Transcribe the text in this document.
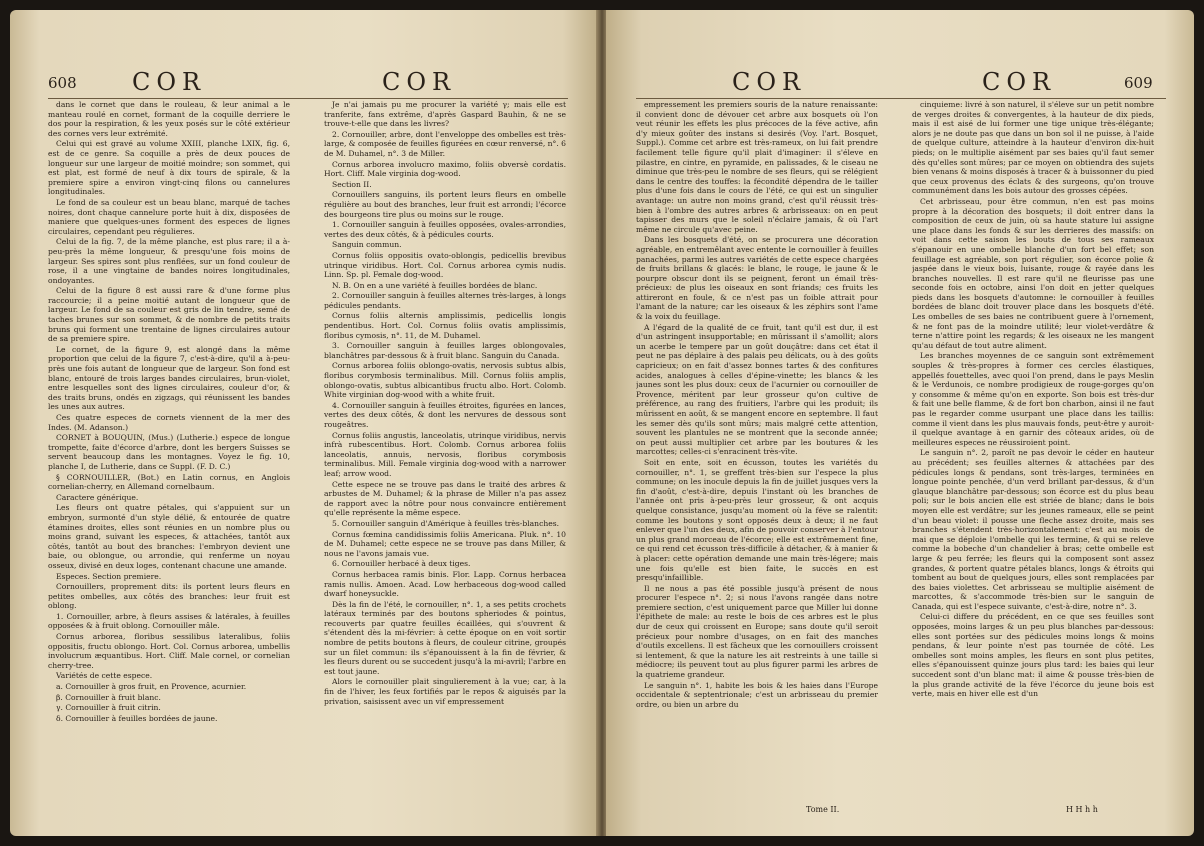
608 COR	COR

dans le cornet que dans le rouleau, & leur animal a le manteau roulé en cornet, formant de la coquille derriere le dos pour la respiration, & les yeux posés sur le côté extérieur des cornes vers leur extrémité.

Celui qui est gravé au volume XXIII, planche LXIX, fig. 6, est de ce genre. Sa coquille a près de deux pouces de longueur sur une largeur de moitié moindre; son sommet, qui est plat, est formé de neuf à dix tours de spirale, & la premiere spire a environ vingt-cinq filons ou cannelures longitudinales.

Le fond de sa couleur est un beau blanc, marqué de taches noires, dont chaque cannelure porte huit à dix, disposées de maniere que quelques-unes forment des especes de lignes circulaires, cependant peu régulieres.

Celui de la fig. 7, de la même planche, est plus rare; il a à-peu-près la même longueur, & presqu'une fois moins de largeur. Ses spires sont plus renflées, sur un fond couleur de rose, il a une vingtaine de bandes noires longitudinales, ondoyantes.

Celui de la figure 8 est aussi rare & d'une forme plus raccourcie; il a peine moitié autant de longueur que de largeur. Le fond de sa couleur est gris de lin tendre, semé de taches brunes sur son sommet, & de nombre de petits traits bruns qui forment une trentaine de lignes circulaires autour de sa premiere spire.

Le cornet, de la figure 9, est alongé dans la même proportion que celui de la figure 7, c'est-à-dire, qu'il a à-peu-près une fois autant de longueur que de largeur. Son fond est blanc, entouré de trois larges bandes circulaires, brun-violet, entre lesquelles sont des lignes circulaires, couleur d'or, & des traits bruns, ondés en zigzags, qui réunissent les bandes les unes aux autres.

Ces quatre especes de cornets viennent de la mer des Indes. (M. Adanson.)

CORNET à BOUQUIN, (Mus.) (Lutherie.) espece de longue trompette, faite d'écorce d'arbre, dont les bergers Suisses se servent beaucoup dans les montagnes. Voyez le fig. 10, planche I, de Lutherie, dans ce Suppl. (F. D. C.)

§ CORNOUILLER, (Bot.) en Latin cornus, en Anglois cornelian-cherry, en Allemand cornelbaum.

Caractere générique.

Les fleurs ont quatre pétales, qui s'appuient sur un embryon, surmonté d'un style délié, & entourée de quatre étamines droites, elles sont réunies en un nombre plus ou moins grand, suivant les especes, & attachées, tantôt aux côtés, tantôt au bout des branches: l'embryon devient une baie, ou oblongue, ou arrondie, qui renferme un noyau osseux, divisé en deux loges, contenant chacune une amande.

Especes. Section premiere.

Cornouillers, proprement dits: ils portent leurs fleurs en petites ombelles, aux côtés des branches: leur fruit est oblong.

1. Cornouiller, arbre, à fleurs assises & latérales, à feuilles opposées & à fruit oblong. Cornouiller mâle.

Cornus arborea, floribus sessilibus lateralibus, foliis oppositis, fructu oblongo. Hort. Col. Cornus arborea, umbellis involucrum æquantibus. Hort. Cliff. Male cornel, or cornelian cherry-tree.

Variétés de cette espece.

a. Cornouiller à gros fruit, en Provence, acurnier.

β. Cornouiller à fruit blanc.

γ. Cornouiller à fruit citrin.

δ. Cornouiller à feuilles bordées de jaune.

Je n'ai jamais pu me procurer la variété γ; mais elle est tranferite, fans extrême, d'après Gaspard Bauhin, & ne se trouve-t-elle que dans les livres?

2. Cornouiller, arbre, dont l'enveloppe des ombelles est très-large, & composée de feuilles figurées en cœur renversé, n°. 6 de M. Duhamel, n°. 3 de Miller.

Cornus arborea involucro maximo, foliis obversè cordatis. Hort. Cliff. Male virginia dog-wood.

Section II.

Cornouillers sanguins, ils portent leurs fleurs en ombelle régulière au bout des branches, leur fruit est arrondi; l'écorce des bourgeons tire plus ou moins sur le rouge.

1. Cornouiller sanguin à feuilles opposées, ovales-arrondies, vertes des deux côtés, & à pédicules courts.

Sanguin commun.

Cornus foliis oppositis ovato-oblongis, pedicellis brevibus utrinque viridibus. Hort. Col. Cornus arborea cymis nudis. Linn. Sp. pl. Female dog-wood.

N. B. On en a une variété à feuilles bordées de blanc.

2. Cornouiller sanguin à feuilles alternes très-larges, à longs pédicules pendants.

Cornus foliis alternis amplissimis, pedicellis longis pendentibus. Hort. Col. Cornus foliis ovatis amplissimis, floribus cymosis, n°. 11, de M. Duhamel.

3. Cornouiller sanguin à feuilles larges oblongovales, blanchâtres par-dessous & à fruit blanc. Sanguin du Canada.

Cornus arborea foliis oblongo-ovatis, nervosis subtus albis, floribus corymbosis terminalibus. Mill. Cornus foliis amplis, oblongo-ovatis, subtus albicantibus fructu albo. Hort. Colomb. White virginian dog-wood with a white fruit.

4. Cornouiller sanguin à feuilles étroites, figurées en lances, vertes des deux côtés, & dont les nervures de dessous sont rougeâtres.

Cornus foliis angustis, lanceolatis, utrinque viridibus, nervis infrà rubescentibus. Hort. Colomb. Cornus arborea foliis lanceolatis, annuis, nervosis, floribus corymbosis terminalibus. Mill. Female virginia dog-wood with a narrower leaf; arrow wood.

Cette espece ne se trouve pas dans le traité des arbres & arbustes de M. Duhamel; & la phrase de Miller n'a pas assez de rapport avec la nôtre pour nous convaincre entièrement qu'elle représente la même espece.

5. Cornouiller sanguin d'Amérique à feuilles très-blanches.

Cornus fœmina candidissimis foliis Americana. Pluk. n°. 10 de M. Duhamel; cette espece ne se trouve pas dans Miller, & nous ne l'avons jamais vue.

6. Cornouiller herbacé à deux tiges.

Cornus herbacea ramis binis. Flor. Lapp. Cornus herbacea ramis nullis. Amoen. Acad. Low herbaceous dog-wood called dwarf honeysuckle.

Dès la fin de l'été, le cornouiller, n°. 1, a ses petits crochets latéraux terminés par des boutons spheriodes & pointus, recouverts par quatre feuilles écaillées, qui s'ouvrent & s'étendent dès la mi-février: à cette époque on en voit sortir nombre de petits boutons à fleurs, de couleur citrine, groupés sur un filet commun: ils s'épanouissent à la fin de février, & les fleurs durent ou se succedent jusqu'à la mi-avril; l'arbre en est tout jaune.

Alors le cornouiller plait singulierement à la vue; car, à la fin de l'hiver, les feux fortifiés par le repos & aiguisés par la privation, saisissent avec un vif empressement

COR	COR	609

empressement les premiers souris de la nature renaissante: il convient donc de dévouer cet arbre aux bosquets où l'on veut réunir les effets les plus précoces de la féve active, afin d'y mieux goûter des instans si desirés (Voy. l'art. Bosquet, Suppl.). Comme cet arbre est très-rameux, on lui fait prendre facilement telle figure qu'il plait d'imaginer: il s'éleve en pilastre, en cintre, en pyramide, en palissades, & le ciseau ne diminue que très-peu le nombre de ses fleurs, qui se rélégient dans le centre des touffes: la fécondité dépendra de le tailler plus d'une fois dans le cours de l'été, ce qui est un singulier avantage: un autre non moins grand, c'est qu'il réussit très-bien à l'ombre des autres arbres & arbrisseaux: on en peut tapisser des murs que le soleil n'éclaire jamais, & où l'art même ne circule qu'avec peine.

Dans les bosquets d'été, on se procurera une décoration agréable, en entremêlant avec entente le cornouiller à feuilles panachées, parmi les autres variétés de cette espece chargées de fruits brillans & glacés: le blanc, le rouge, le jaune & le pourpre obscur dont ils se peignent, feront un émail très-précieux: de plus les oiseaux en sont friands; ces fruits les attireront en foule, & ce n'est pas un foible attrait pour l'amant de la nature; car les oiseaux & les zéphirs sont l'ame & la voix du feuillage.

A l'égard de la qualité de ce fruit, tant qu'il est dur, il est d'un astringent insupportable; en mûrissant il s'amollit; alors un acerbe le tempere par un goût douçâtre: dans cet état il peut ne pas déplaire à des palais peu délicats, ou à des goûts capricieux; on en fait d'assez bonnes tartes & des confitures acides, analogues à celles d'épine-vinette; les blancs & les jaunes sont les plus doux: ceux de l'acurnier ou cornouiller de Provence, méritent par leur grosseur qu'on cultive de préférence, au rang des fruitiers, l'arbre qui les produit; ils mûrissent en août, & se mangent encore en septembre. Il faut les semer dès qu'ils sont mûrs; mais malgré cette attention, souvent les plantules ne se montrent que la seconde année; on peut aussi multiplier cet arbre par les boutures & les marcottes; celles-ci s'enracinent très-vîte.

Soit en ente, soit en écusson, toutes les variétés du cornouiller, n°. 1, se greffent très-bien sur l'espece la plus commune; on les inocule depuis la fin de juillet jusques vers la fin d'août, c'est-à-dire, depuis l'instant où les branches de l'année ont pris à-peu-près leur grosseur, & ont acquis quelque consistance, jusqu'au moment où la féve se ralentit: comme les boutons y sont opposés deux à deux; il ne faut enlever que l'un des deux, afin de pouvoir conserver à l'entour un plus grand morceau de l'écorce; elle est extrêmement fine, ce qui rend cet écusson très-difficile à détacher, & à manier & à placer: cette opération demande une main très-légere; mais une fois qu'elle est bien faite, le succès en est presqu'infaillible.

Il ne nous a pas été possible jusqu'à présent de nous procurer l'espece n°. 2; si nous l'avons rangée dans notre premiere section, c'est uniquement parce que Miller lui donne l'épithete de male: au reste le bois de ces arbres est le plus dur de ceux qui croissent en Europe; sans doute qu'il seroit précieux pour nombre d'usages, on en fait des manches d'outils excellens. Il est fâcheux que les cornouillers croissent si lentement, & que la nature les ait restreints à une taille si médiocre; ils peuvent tout au plus figurer parmi les arbres de la quatrieme grandeur.

Le sanguin n°. 1, habite les bois & les haies dans l'Europe occidentale & septentrionale; c'est un arbrisseau du premier ordre, ou bien un arbre du

cinquieme: livré à son naturel, il s'éleve sur un petit nombre de verges droites & convergentes, à la hauteur de dix pieds, mais il est aisé de lui former une tige unique très-élégante; alors je ne doute pas que dans un bon sol il ne puisse, à l'aide de quelque culture, atteindre à la hauteur d'environ dix-huit pieds; on le multiplie aisément par ses baies qu'il faut semer dès qu'elles sont mûres; par ce moyen on obtiendra des sujets bien venans & moins disposés à tracer & à buissonner du pied que ceux provenus des éclats & des surgeons, qu'on trouve communément dans les bois autour des grosses cépées.

Cet arbrisseau, pour être commun, n'en est pas moins propre à la décoration des bosquets; il doit entrer dans la composition de ceux de juin, où sa haute stature lui assigne une place dans les fonds & sur les derrieres des massifs: on voit dans cette saison les bouts de tous ses rameaux s'épanouir en une ombelle blanche d'un fort bel effet; son feuillage est agréable, son port régulier, son écorce polie & jaspée dans le vieux bois, luisante, rouge & rayée dans les branches nouvelles. Il est rare qu'il ne fleurisse pas une seconde fois en octobre, ainsi l'on doit en jetter quelques pieds dans les bosquets d'automne: le cornouiller à feuilles bordées de blanc doit trouver place dans les bosquets d'été. Les ombelles de ses baies ne contribuent guere à l'ornement, & ne font pas de la moindre utilité; leur violet-verdâtre & terne n'attire point les regards; & les oiseaux ne les mangent qu'au défaut de tout autre aliment.

Les branches moyennes de ce sanguin sont extrêmement souples & très-propres à former ces cercles élastiques, appellés fouettelles, avec quoi l'on prend, dans le pays Meslin & le Verdunois, ce nombre prodigieux de rouge-gorges qu'on y consomme & même qu'on en exporte. Son bois est très-dur & fait une belle flamme, & de fort bon charbon, ainsi il ne faut pas le regarder comme usurpant une place dans les taillis: comme il vient dans les plus mauvais fonds, peut-être y auroit-il quelque avantage à en garnir des côteaux arides, où de meilleures especes ne réussiroient point.

Le sanguin n°. 2, paroît ne pas devoir le céder en hauteur au précédent; ses feuilles alternes & attachées par des pédicules longs & pendans, sont très-larges, terminées en longue pointe penchée, d'un verd brillant par-dessus, & d'un glauque blanchâtre par-dessous; son écorce est du plus beau poli; sur le bois ancien elle est striée de blanc; dans le bois moyen elle est verdâtre; sur les jeunes rameaux, elle se peint d'un beau violet: il pousse une fleche assez droite, mais ses branches s'étendent très-horizontalement: c'est au mois de mai que se déploie l'ombelle qui les termine, & qui se releve comme la bobeche d'un chandelier à bras; cette ombelle est large & peu ferrée; les fleurs qui la composent sont assez grandes, & portent quatre pétales blancs, longs & étroits qui tombent au bout de quelques jours, elles sont remplacées par des baies violettes. Cet arbrisseau se multiplie aisément de marcottes, & s'accommode très-bien sur le sanguin de Canada, qui est l'espece suivante, c'est-à-dire, notre n°. 3.

Celui-ci differe du précédent, en ce que ses feuilles sont opposées, moins larges & un peu plus blanches par-dessous: elles sont portées sur des pédicules moins longs & moins pendans, & leur pointe n'est pas tournée de côté. Les ombelles sont moins amples, les fleurs en sont plus petites, elles s'épanouissent quinze jours plus tard: les baies qui leur succedent sont d'un blanc mat: il aime & pousse très-bien de la plus grande activité de la féve l'écorce du jeune bois est verte, mais en hiver elle est d'un

Tome II.	H H h h
